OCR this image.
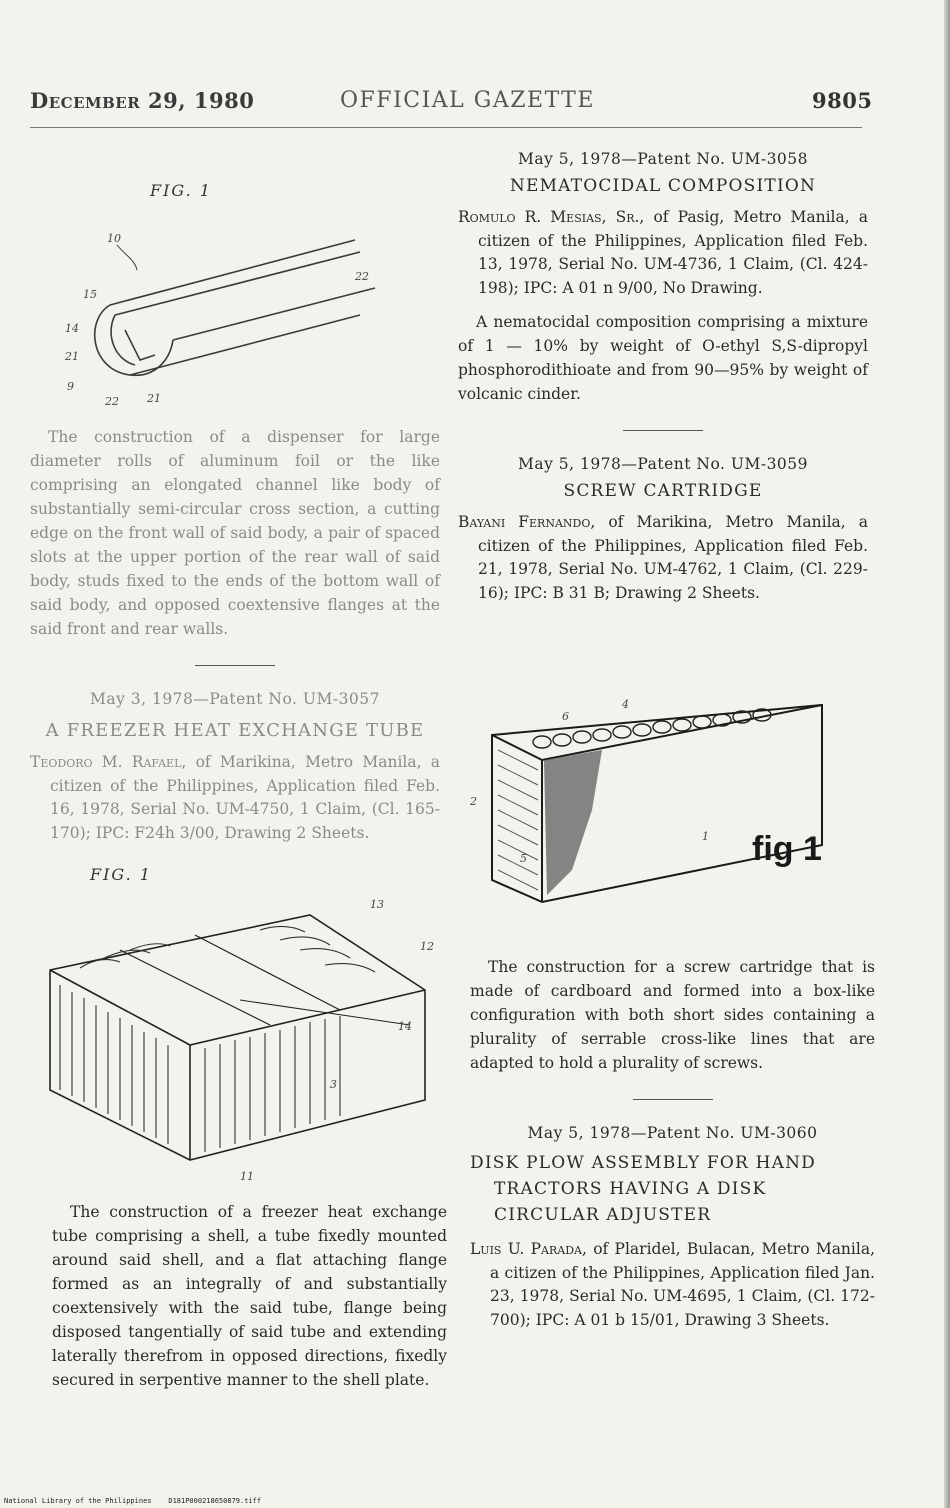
December 29, 1980	OFFICIAL GAZETTE	9805
FIG. 1
10
15
14
21
9
22	21
22
The construction of a dispenser for large diameter rolls of aluminum foil or the like comprising an elongated channel like body of substantially semi-circular cross section, a cutting edge on the front wall of said body, a pair of spaced slots at the upper portion of the rear wall of said body, studs fixed to the ends of the bottom wall of said body, and opposed coextensive flanges at the said front and rear walls.
May 3, 1978—Patent No. UM-3057
A FREEZER HEAT EXCHANGE TUBE
Teodoro M. Rafael, of Marikina, Metro Manila, a citizen of the Philippines, Application filed Feb. 16, 1978, Serial No. UM-4750, 1 Claim, (Cl. 165-170); IPC: F24h 3/00, Drawing 2 Sheets.
FIG. 1
13
12
14
3
11
The construction of a freezer heat exchange tube comprising a shell, a tube fixedly mounted around said shell, and a flat attaching flange formed as an integrally of and substantially coextensively with the said tube, flange being disposed tangentially of said tube and extending laterally therefrom in opposed directions, fixedly secured in serpentive manner to the shell plate.
May 5, 1978—Patent No. UM-3058
NEMATOCIDAL COMPOSITION
Romulo R. Mesias, Sr., of Pasig, Metro Manila, a citizen of the Philippines, Application filed Feb. 13, 1978, Serial No. UM-4736, 1 Claim, (Cl. 424-198); IPC: A 01 n 9/00, No Drawing.
A nematocidal composition comprising a mixture of 1 — 10% by weight of O-ethyl S,S-dipropyl phosphorodithioate and from 90—95% by weight of volcanic cinder.
May 5, 1978—Patent No. UM-3059
SCREW CARTRIDGE
Bayani Fernando, of Marikina, Metro Manila, a citizen of the Philippines, Application filed Feb. 21, 1978, Serial No. UM-4762, 1 Claim, (Cl. 229-16); IPC: B 31 B; Drawing 2 Sheets.
6
4
2
5
1 fig 1
The construction for a screw cartridge that is made of cardboard and formed into a box-like configuration with both short sides containing a plurality of serrable cross-like lines that are adapted to hold a plurality of screws.
May 5, 1978—Patent No. UM-3060
DISK PLOW ASSEMBLY FOR HAND TRACTORS HAVING A DISK CIRCULAR ADJUSTER
Luis U. Parada, of Plaridel, Bulacan, Metro Manila, a citizen of the Philippines, Application filed Jan. 23, 1978, Serial No. UM-4695, 1 Claim, (Cl. 172-700); IPC: A 01 b 15/01, Drawing 3 Sheets.
National Library of the Philippines    D181P000218650879.tiff
